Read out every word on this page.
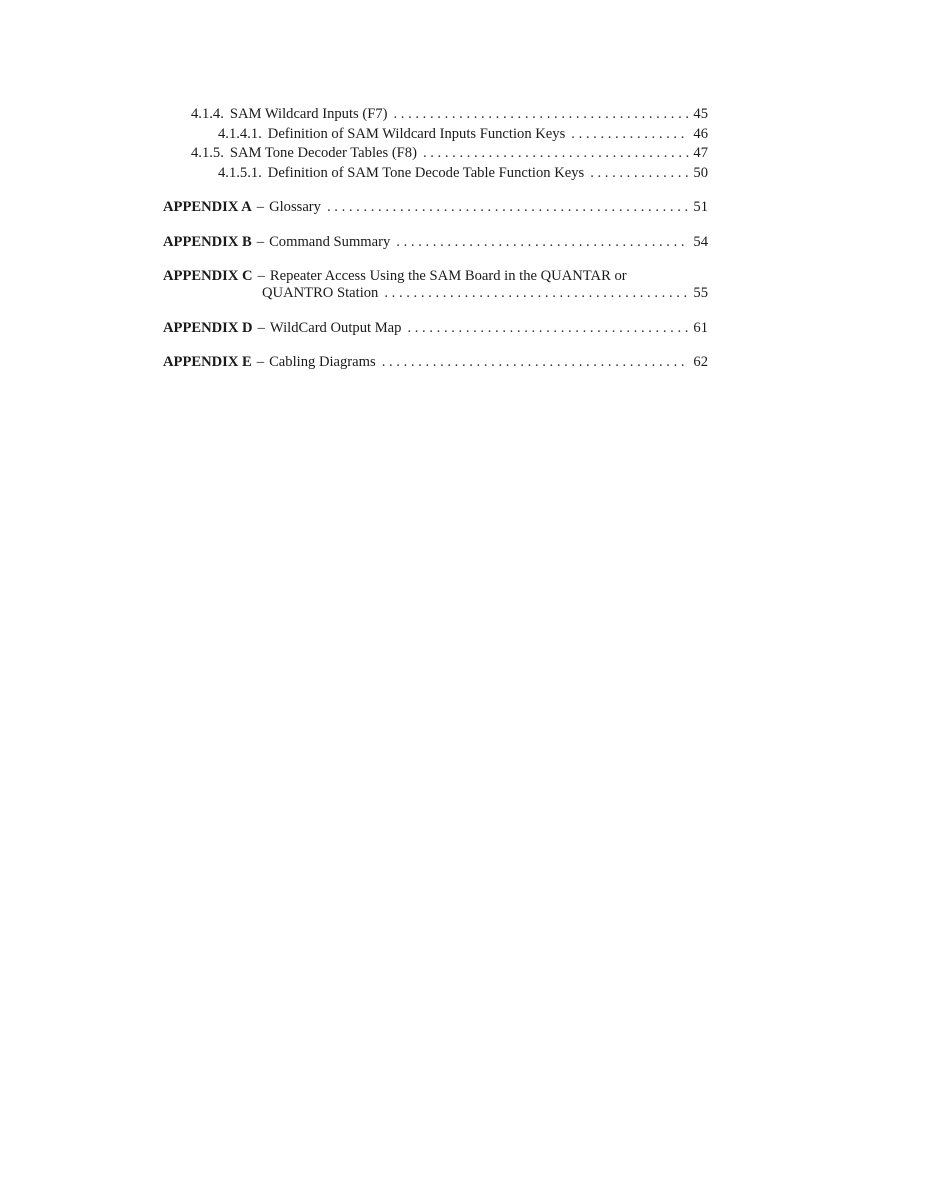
4.1.4. SAM Wildcard Inputs (F7) . . .	45
4.1.4.1. Definition of SAM Wildcard Inputs Function Keys . . .	46
4.1.5. SAM Tone Decoder Tables (F8) . . .	47
4.1.5.1. Definition of SAM Tone Decode Table Function Keys . . .	50
APPENDIX A – Glossary . . .	51
APPENDIX B – Command Summary . . .	54
APPENDIX C – Repeater Access Using the SAM Board in the QUANTAR or
QUANTRO Station . . .	55
APPENDIX D – WildCard Output Map . . .	61
APPENDIX E – Cabling Diagrams . . .	62
